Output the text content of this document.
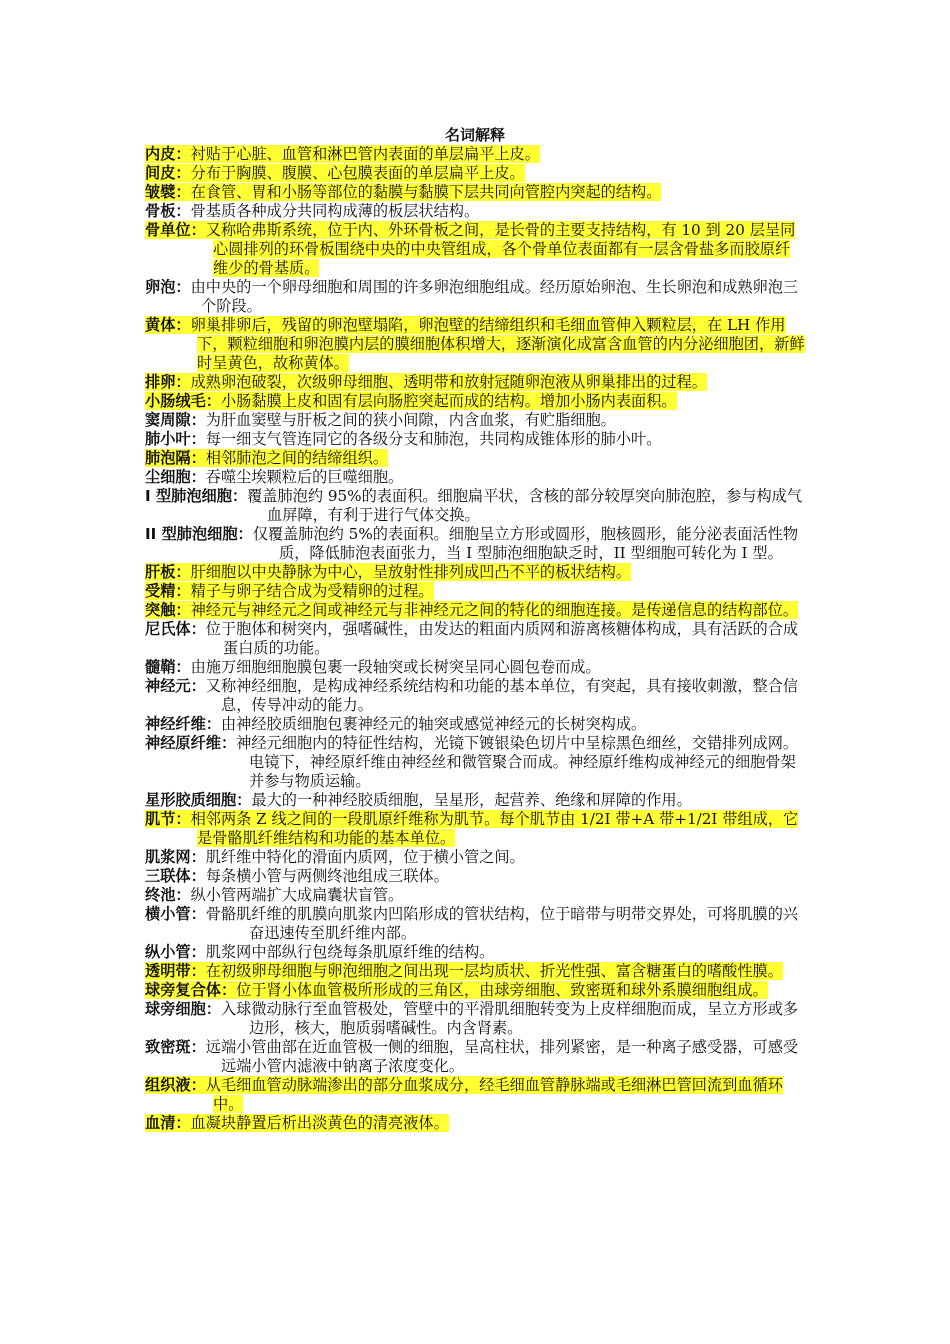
名词解释

内皮：衬贴于心脏、血管和淋巴管内表面的单层扁平上皮。

间皮：分布于胸膜、腹膜、心包膜表面的单层扁平上皮。

皱襞：在食管、胃和小肠等部位的黏膜与黏膜下层共同向管腔内突起的结构。

骨板：骨基质各种成分共同构成薄的板层状结构。

骨单位：又称哈弗斯系统，位于内、外环骨板之间，是长骨的主要支持结构，有 10 到 20 层呈同心圆排列的环骨板围绕中央的中央管组成，各个骨单位表面都有一层含骨盐多而胶原纤维少的骨基质。

卵泡：由中央的一个卵母细胞和周围的许多卵泡细胞组成。经历原始卵泡、生长卵泡和成熟卵泡三个阶段。

黄体：卵巢排卵后，残留的卵泡壁塌陷，卵泡壁的结缔组织和毛细血管伸入颗粒层，在 LH 作用下，颗粒细胞和卵泡膜内层的膜细胞体积增大，逐渐演化成富含血管的内分泌细胞团，新鲜时呈黄色，故称黄体。

排卵：成熟卵泡破裂，次级卵母细胞、透明带和放射冠随卵泡液从卵巢排出的过程。

小肠绒毛：小肠黏膜上皮和固有层向肠腔突起而成的结构。增加小肠内表面积。

窦周隙：为肝血窦壁与肝板之间的狭小间隙，内含血浆，有贮脂细胞。

肺小叶：每一细支气管连同它的各级分支和肺泡，共同构成锥体形的肺小叶。

肺泡隔：相邻肺泡之间的结缔组织。

尘细胞：吞噬尘埃颗粒后的巨噬细胞。

I 型肺泡细胞：覆盖肺泡约 95%的表面积。细胞扁平状，含核的部分较厚突向肺泡腔，参与构成气血屏障，有利于进行气体交换。

II 型肺泡细胞：仅覆盖肺泡约 5%的表面积。细胞呈立方形或圆形，胞核圆形，能分泌表面活性物质，降低肺泡表面张力，当 I 型肺泡细胞缺乏时，II 型细胞可转化为 I 型。

肝板：肝细胞以中央静脉为中心，呈放射性排列成凹凸不平的板状结构。

受精：精子与卵子结合成为受精卵的过程。

突触：神经元与神经元之间或神经元与非神经元之间的特化的细胞连接。是传递信息的结构部位。

尼氏体：位于胞体和树突内，强嗜碱性，由发达的粗面内质网和游离核糖体构成，具有活跃的合成蛋白质的功能。

髓鞘：由施万细胞细胞膜包裹一段轴突或长树突呈同心圆包卷而成。

神经元：又称神经细胞，是构成神经系统结构和功能的基本单位，有突起，具有接收刺激，整合信息，传导冲动的能力。

神经纤维：由神经胶质细胞包裹神经元的轴突或感觉神经元的长树突构成。

神经原纤维：神经元细胞内的特征性结构，光镜下镀银染色切片中呈棕黑色细丝，交错排列成网。电镜下，神经原纤维由神经丝和微管聚合而成。神经原纤维构成神经元的细胞骨架并参与物质运输。

星形胶质细胞：最大的一种神经胶质细胞，呈星形，起营养、绝缘和屏障的作用。

肌节：相邻两条 Z 线之间的一段肌原纤维称为肌节。每个肌节由 1/2I 带+A 带+1/2I 带组成，它是骨骼肌纤维结构和功能的基本单位。

肌浆网：肌纤维中特化的滑面内质网，位于横小管之间。

三联体：每条横小管与两侧终池组成三联体。

终池：纵小管两端扩大成扁囊状盲管。

横小管：骨骼肌纤维的肌膜向肌浆内凹陷形成的管状结构，位于暗带与明带交界处，可将肌膜的兴奋迅速传至肌纤维内部。

纵小管：肌浆网中部纵行包绕每条肌原纤维的结构。

透明带：在初级卵母细胞与卵泡细胞之间出现一层均质状、折光性强、富含糖蛋白的嗜酸性膜。

球旁复合体：位于肾小体血管极所形成的三角区，由球旁细胞、致密斑和球外系膜细胞组成。

球旁细胞：入球微动脉行至血管极处，管壁中的平滑肌细胞转变为上皮样细胞而成，呈立方形或多边形，核大，胞质弱嗜碱性。内含肾素。

致密斑：远端小管曲部在近血管极一侧的细胞，呈高柱状，排列紧密，是一种离子感受器，可感受远端小管内滤液中钠离子浓度变化。

组织液：从毛细血管动脉端渗出的部分血浆成分，经毛细血管静脉端或毛细淋巴管回流到血循环中。

血清：血凝块静置后析出淡黄色的清亮液体。
